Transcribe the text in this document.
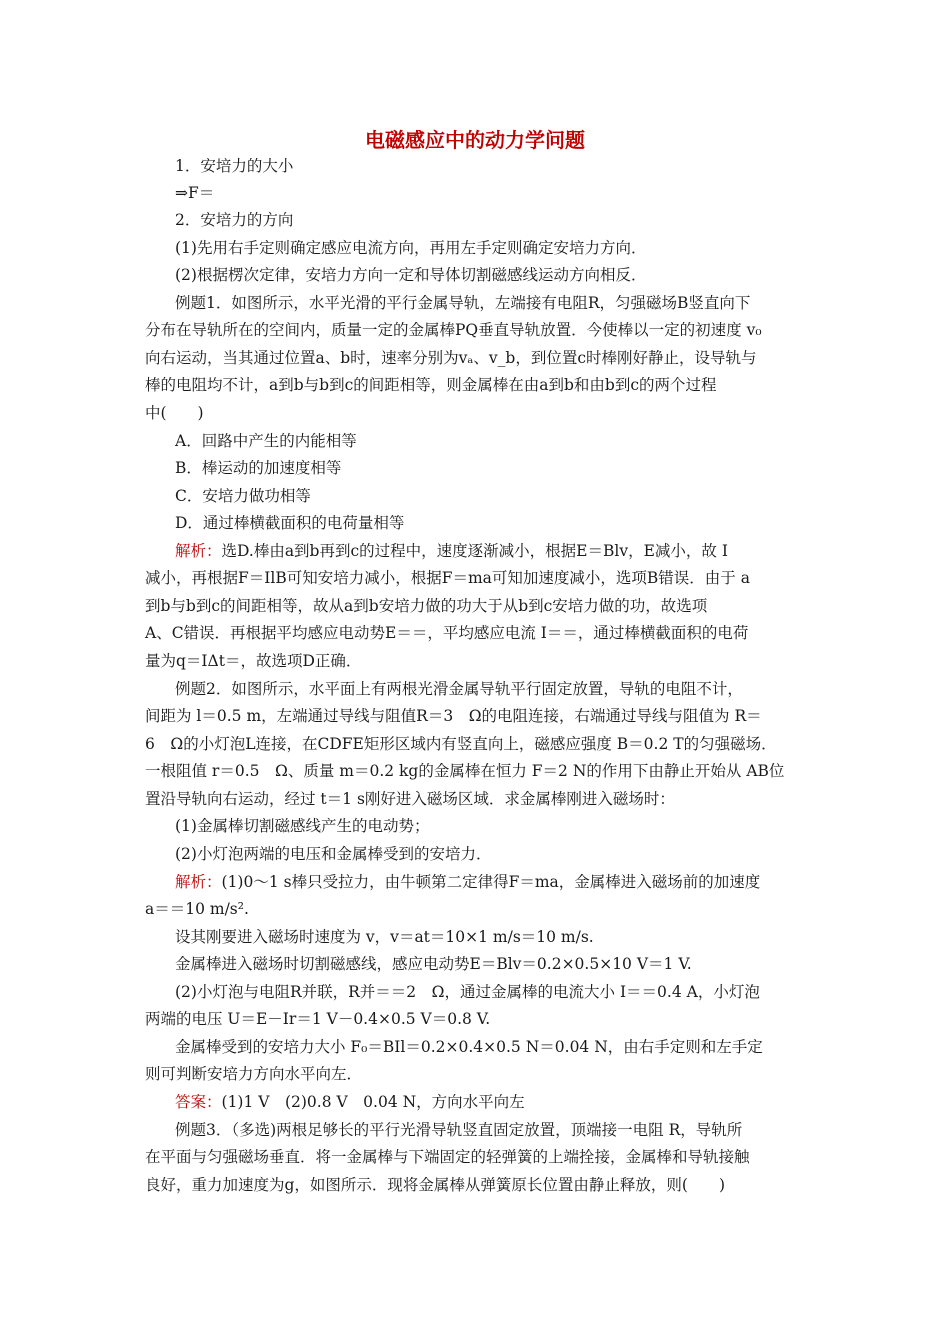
电磁感应中的动力学问题
1．安培力的大小
⇒F＝
2．安培力的方向
(1)先用右手定则确定感应电流方向，再用左手定则确定安培力方向．
(2)根据楞次定律，安培力方向一定和导体切割磁感线运动方向相反．
例题1．如图所示，水平光滑的平行金属导轨，左端接有电阻R，匀强磁场B竖直向下
分布在导轨所在的空间内，质量一定的金属棒PQ垂直导轨放置．今使棒以一定的初速度 v₀
向右运动，当其通过位置a、b时，速率分别为vₐ、v_b，到位置c时棒刚好静止，设导轨与
棒的电阻均不计，a到b与b到c的间距相等，则金属棒在由a到b和由b到c的两个过程
中(　　)
A．回路中产生的内能相等
B．棒运动的加速度相等
C．安培力做功相等
D．通过棒横截面积的电荷量相等
解析：选D.棒由a到b再到c的过程中，速度逐渐减小，根据E＝Blv，E减小，故 I
减小，再根据F＝IlB可知安培力减小，根据F＝ma可知加速度减小，选项B错误．由于 a
到b与b到c的间距相等，故从a到b安培力做的功大于从b到c安培力做的功，故选项
A、C错误．再根据平均感应电动势E＝＝，平均感应电流 I＝＝，通过棒横截面积的电荷
量为q＝IΔt＝，故选项D正确．
例题2．如图所示，水平面上有两根光滑金属导轨平行固定放置，导轨的电阻不计，
间距为 l＝0.5 m，左端通过导线与阻值R＝3　Ω的电阻连接，右端通过导线与阻值为 R＝
6　Ω的小灯泡L连接，在CDFE矩形区域内有竖直向上，磁感应强度 B＝0.2 T的匀强磁场．
一根阻值 r＝0.5　Ω、质量 m＝0.2 kg的金属棒在恒力 F＝2 N的作用下由静止开始从 AB位
置沿导轨向右运动，经过 t＝1 s刚好进入磁场区域．求金属棒刚进入磁场时：
(1)金属棒切割磁感线产生的电动势；
(2)小灯泡两端的电压和金属棒受到的安培力．
解析：(1)0～1 s棒只受拉力，由牛顿第二定律得F＝ma，金属棒进入磁场前的加速度
a＝＝10 m/s².
设其刚要进入磁场时速度为 v，v＝at＝10×1 m/s＝10 m/s.
金属棒进入磁场时切割磁感线，感应电动势E＝Blv＝0.2×0.5×10 V＝1 V.
(2)小灯泡与电阻R并联，R并＝＝2　Ω，通过金属棒的电流大小 I＝＝0.4 A，小灯泡
两端的电压 U＝E－Ir＝1 V－0.4×0.5 V＝0.8 V.
金属棒受到的安培力大小 F₀＝BIl＝0.2×0.4×0.5 N＝0.04 N，由右手定则和左手定
则可判断安培力方向水平向左．
答案：(1)1 V　(2)0.8 V　0.04 N，方向水平向左
例题3．（多选)两根足够长的平行光滑导轨竖直固定放置，顶端接一电阻 R，导轨所
在平面与匀强磁场垂直．将一金属棒与下端固定的轻弹簧的上端拴接，金属棒和导轨接触
良好，重力加速度为g，如图所示．现将金属棒从弹簧原长位置由静止释放，则(　　)
